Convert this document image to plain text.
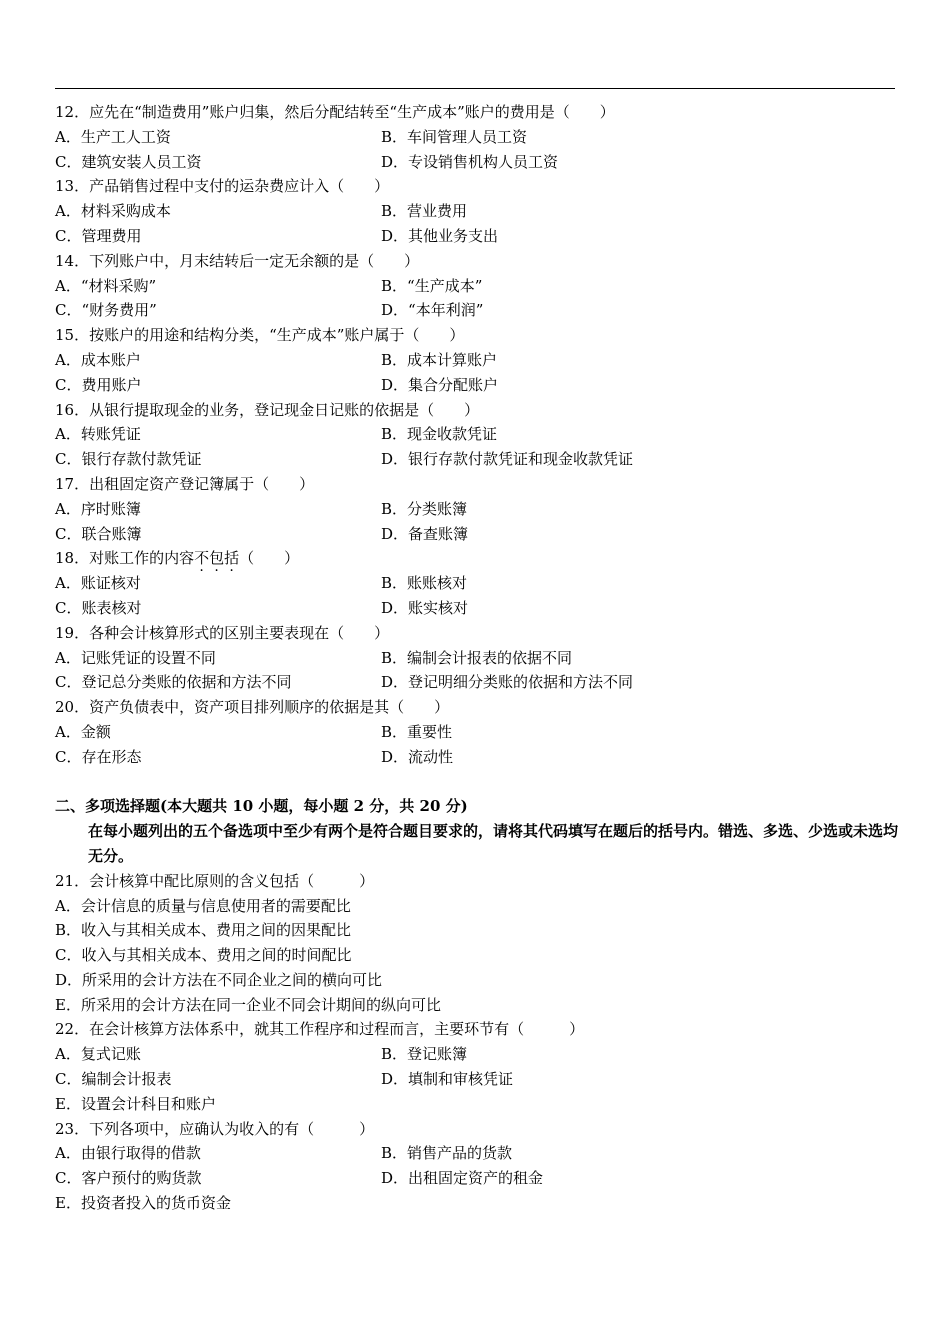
12．应先在“制造费用”账户归集，然后分配结转至“生产成本”账户的费用是（　　）
A．生产工人工资	B．车间管理人员工资
C．建筑安装人员工资	D．专设销售机构人员工资
13．产品销售过程中支付的运杂费应计入（　　）
A．材料采购成本	B．营业费用
C．管理费用	D．其他业务支出
14．下列账户中，月末结转后一定无余额的是（　　）
A．“材料采购”	B．“生产成本”
C．“财务费用”	D．“本年利润”
15．按账户的用途和结构分类，“生产成本”账户属于（　　）
A．成本账户	B．成本计算账户
C．费用账户	D．集合分配账户
16．从银行提取现金的业务，登记现金日记账的依据是（　　）
A．转账凭证	B．现金收款凭证
C．银行存款付款凭证	D．银行存款付款凭证和现金收款凭证
17．出租固定资产登记簿属于（　　）
A．序时账簿	B．分类账簿
C．联合账簿	D．备查账簿
18．对账工作的内容不包括（　　）
A．账证核对	B．账账核对
C．账表核对	D．账实核对
19．各种会计核算形式的区别主要表现在（　　）
A．记账凭证的设置不同	B．编制会计报表的依据不同
C．登记总分类账的依据和方法不同	D．登记明细分类账的依据和方法不同
20．资产负债表中，资产项目排列顺序的依据是其（　　）
A．金额	B．重要性
C．存在形态	D．流动性
二、多项选择题(本大题共 10 小题，每小题 2 分，共 20 分)
在每小题列出的五个备选项中至少有两个是符合题目要求的，请将其代码填写在题后的括号内。错选、多选、少选或未选均无分。
21．会计核算中配比原则的含义包括（　　　）
A．会计信息的质量与信息使用者的需要配比
B．收入与其相关成本、费用之间的因果配比
C．收入与其相关成本、费用之间的时间配比
D．所采用的会计方法在不同企业之间的横向可比
E．所采用的会计方法在同一企业不同会计期间的纵向可比
22．在会计核算方法体系中，就其工作程序和过程而言，主要环节有（　　　）
A．复式记账	B．登记账簿
C．编制会计报表	D．填制和审核凭证
E．设置会计科目和账户
23．下列各项中，应确认为收入的有（　　　）
A．由银行取得的借款	B．销售产品的货款
C．客户预付的购货款	D．出租固定资产的租金
E．投资者投入的货币资金
